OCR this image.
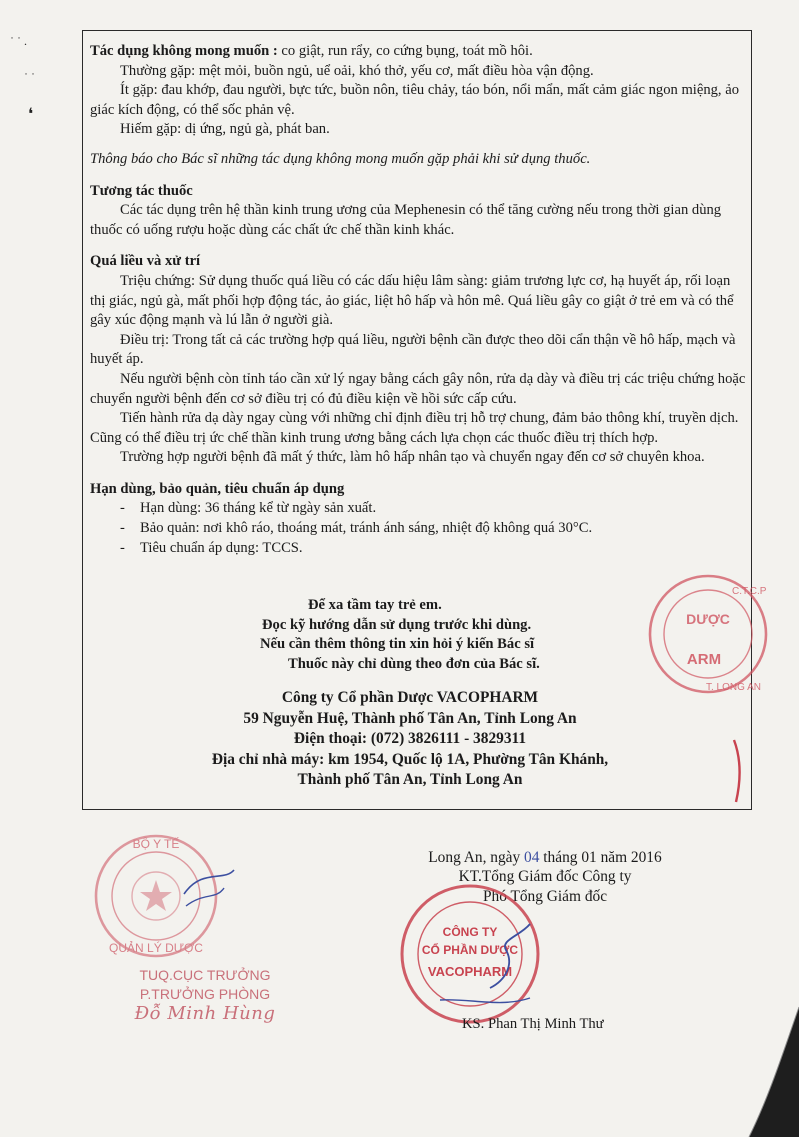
Tác dụng không mong muốn : co giật, run rẩy, co cứng bụng, toát mồ hôi.

Thường gặp: mệt mỏi, buồn ngủ, uể oải, khó thở, yếu cơ, mất điều hòa vận động.

Ít gặp: đau khớp, đau người, bực tức, buồn nôn, tiêu chảy, táo bón, nổi mẩn, mất cảm giác ngon miệng, ảo giác kích động, có thể sốc phản vệ.

Hiếm gặp: dị ứng, ngủ gà, phát ban.

Thông báo cho Bác sĩ những tác dụng không mong muốn gặp phải khi sử dụng thuốc.

Tương tác thuốc

Các tác dụng trên hệ thần kinh trung ương của Mephenesin có thể tăng cường nếu trong thời gian dùng thuốc có uống rượu hoặc dùng các chất ức chế thần kinh khác.

Quá liều và xử trí

Triệu chứng: Sử dụng thuốc quá liều có các dấu hiệu lâm sàng: giảm trương lực cơ, hạ huyết áp, rối loạn thị giác, ngủ gà, mất phối hợp động tác, ảo giác, liệt hô hấp và hôn mê. Quá liều gây co giật ở trẻ em và có thể gây xúc động mạnh và lú lẫn ở người già.

Điều trị: Trong tất cả các trường hợp quá liều, người bệnh cần được theo dõi cẩn thận về hô hấp, mạch và huyết áp.

Nếu người bệnh còn tỉnh táo cần xử lý ngay bằng cách gây nôn, rửa dạ dày và điều trị các triệu chứng hoặc chuyển người bệnh đến cơ sở điều trị có đủ điều kiện về hồi sức cấp cứu.

Tiến hành rửa dạ dày ngay cùng với những chỉ định điều trị hỗ trợ chung, đảm bảo thông khí, truyền dịch. Cũng có thể điều trị ức chế thần kinh trung ương bằng cách lựa chọn các thuốc điều trị thích hợp.

Trường hợp người bệnh đã mất ý thức, làm hô hấp nhân tạo và chuyển ngay đến cơ sở chuyên khoa.

Hạn dùng, bảo quản, tiêu chuẩn áp dụng

- Hạn dùng: 36 tháng kể từ ngày sản xuất.
- Bảo quản: nơi khô ráo, thoáng mát, tránh ánh sáng, nhiệt độ không quá 30°C.
- Tiêu chuẩn áp dụng: TCCS.

Để xa tầm tay trẻ em.

Đọc kỹ hướng dẫn sử dụng trước khi dùng.

Nếu cần thêm thông tin xin hỏi ý kiến Bác sĩ

Thuốc này chỉ dùng theo đơn của Bác sĩ.

Công ty Cổ phần Dược VACOPHARM

59 Nguyễn Huệ, Thành phố Tân An, Tỉnh Long An

Điện thoại: (072) 3826111 - 3829311

Địa chỉ nhà máy: km 1954, Quốc lộ 1A, Phường Tân Khánh,

Thành phố Tân An, Tỉnh Long An

DƯỢC
ARM
C.T.C.P
T. LONG AN
BỘ Y TẾ
QUẢN LÝ DƯỢC

TUQ.CỤC TRƯỞNG

P.TRƯỞNG PHÒNG

Đỗ Minh Hùng

Long An, ngày 04 tháng 01 năm 2016

KT.Tổng Giám đốc Công ty

Phó Tổng Giám đốc

CÔNG TY
CỔ PHẦN DƯỢC
VACOPHARM
KS. Phan Thị Minh Thư
˙ ˙ .
˙ ˙
❛
